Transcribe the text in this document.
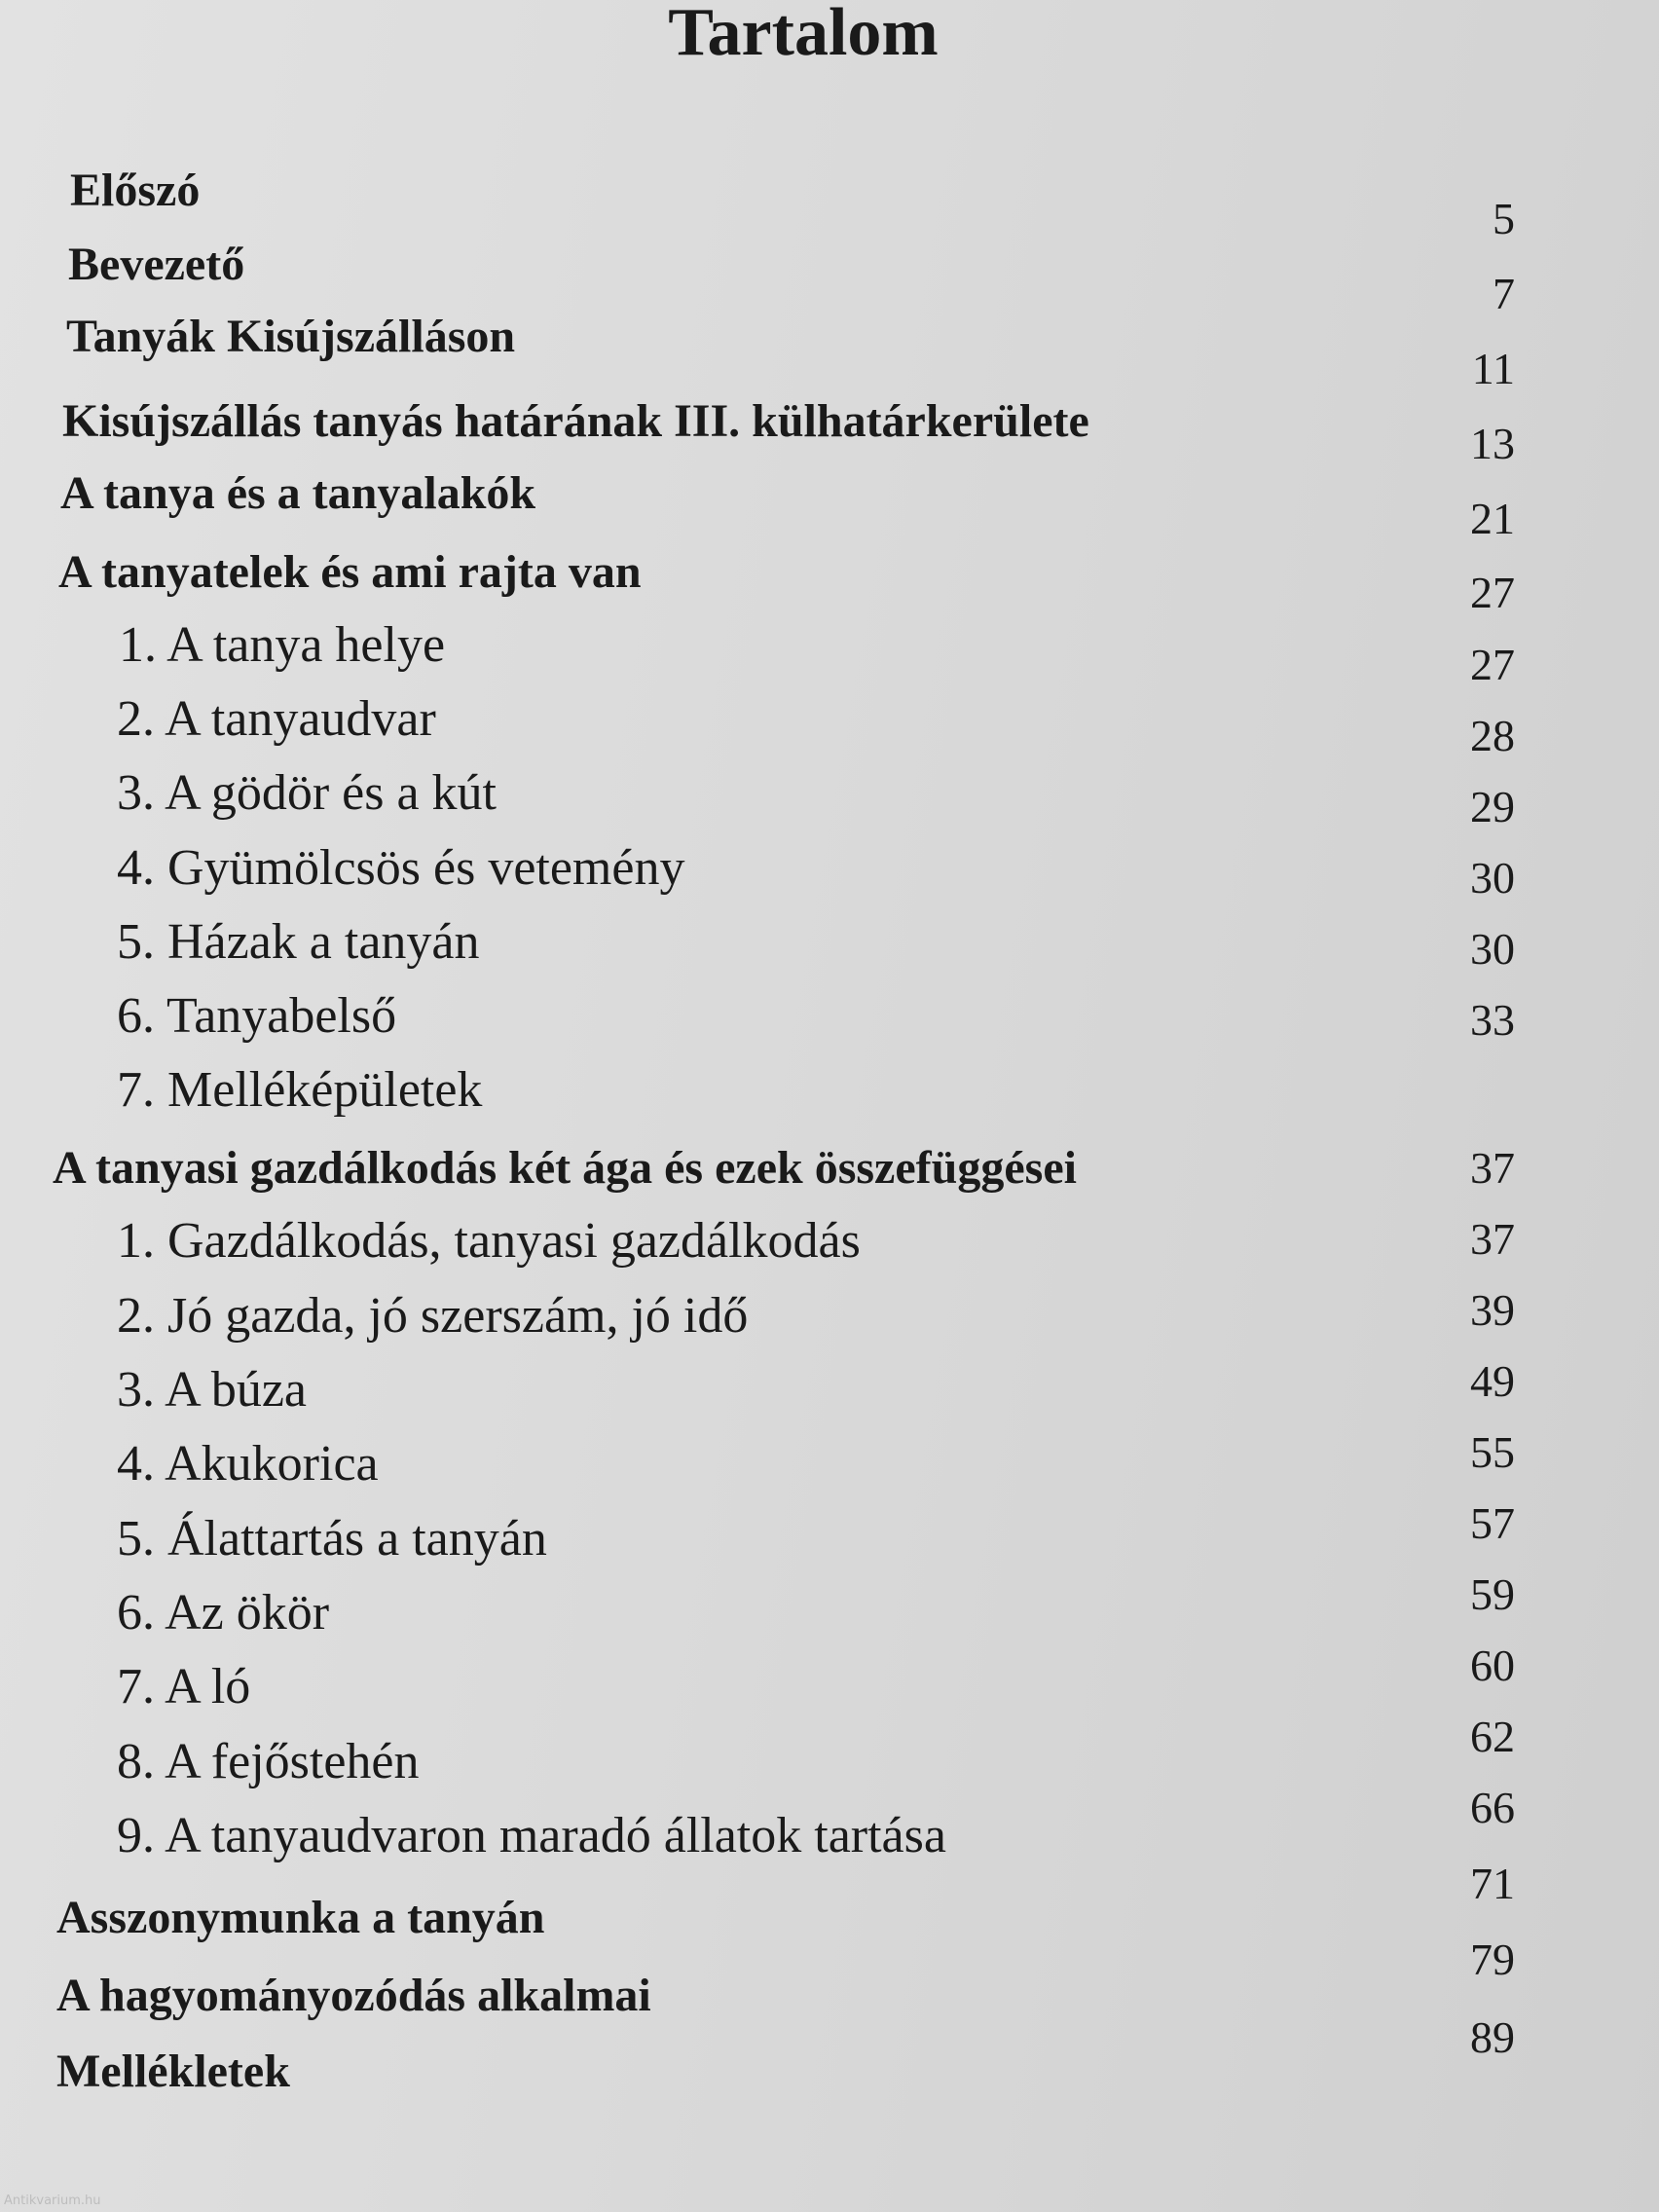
Tartalom
Előszó
Bevezető
Tanyák Kisújszálláson
Kisújszállás tanyás határának III. külhatárkerülete
A tanya és a tanyalakók
A tanyatelek és ami rajta van
1. A tanya helye
2. A tanyaudvar
3. A gödör és a kút
4. Gyümölcsös és vetemény
5. Házak a tanyán
6. Tanyabelső
7. Melléképületek
A tanyasi gazdálkodás két ága és ezek összefüggései
1. Gazdálkodás, tanyasi gazdálkodás
2. Jó gazda, jó szerszám, jó idő
3. A búza
4. Akukorica
5. Álattartás a tanyán
6. Az ökör
7. A ló
8. A fejőstehén
9. A tanyaudvaron maradó állatok tartása
Asszonymunka a tanyán
A hagyományozódás alkalmai
Mellékletek
5
7
11
13
21
27
27
28
29
30
30
33
37
37
39
49
55
57
59
60
62
66
71
79
89
Antikvarium.hu
